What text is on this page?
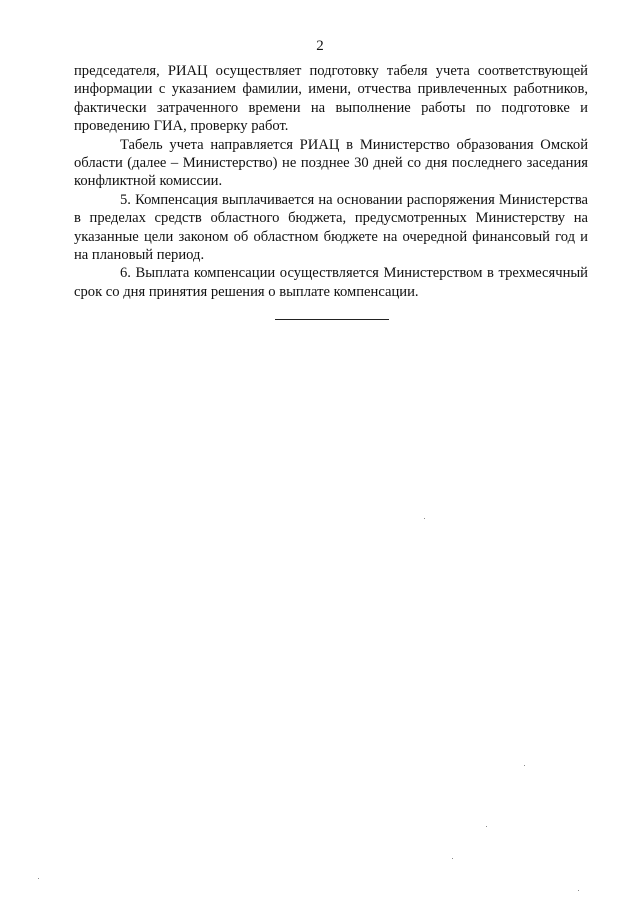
2

председателя, РИАЦ осуществляет подготовку табеля учета соответствующей информации с указанием фамилии, имени, отчества привлеченных работников, фактически затраченного времени на выполнение работы по подготовке и проведению ГИА, проверку работ.

Табель учета направляется РИАЦ в Министерство образования Омской области (далее – Министерство) не позднее 30 дней со дня последнего заседания конфликтной комиссии.

5. Компенсация выплачивается на основании распоряжения Министерства в пределах средств областного бюджета, предусмотренных Министерству на указанные цели законом об областном бюджете на очередной финансовый год и на плановый период.

6. Выплата компенсации осуществляется Министерством в трехмесячный срок со дня принятия решения о выплате компенсации.
